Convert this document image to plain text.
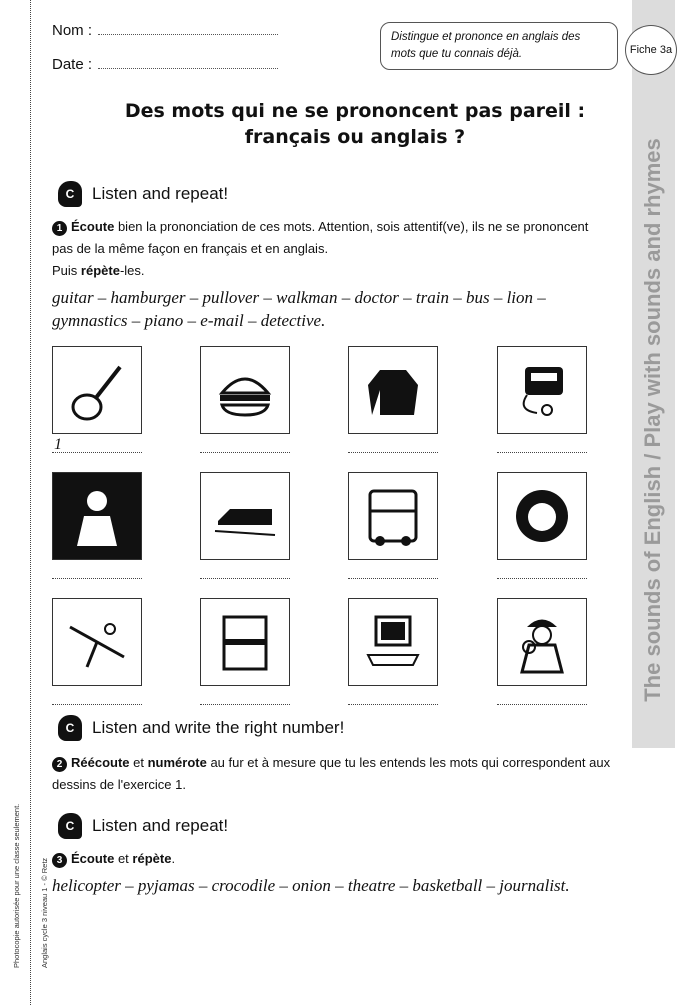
The sounds of English / Play with sounds and rhymes
Fiche 3a
Nom :
Date :
Distingue et prononce en anglais des mots que tu connais déjà.
Des mots qui ne se prononcent pas pareil :
français ou anglais ?
C	Listen and repeat!
1 Écoute bien la prononciation de ces mots. Attention, sois attentif(ve), ils ne se prononcent pas de la même façon en français et en anglais.
Puis répète-les.
guitar – hamburger – pullover – walkman – doctor – train – bus – lion – gymnastics – piano – e-mail – detective.
1
C	Listen and write the right number!
2 Réécoute et numérote au fur et à mesure que tu les entends les mots qui correspondent aux dessins de l'exercice 1.
C	Listen and repeat!
3 Écoute et répète.
helicopter – pyjamas – crocodile – onion – theatre – basketball – journalist.
Photocopie autorisée pour une classe seulement.	Anglais cycle 3 niveau 1 - © Retz
